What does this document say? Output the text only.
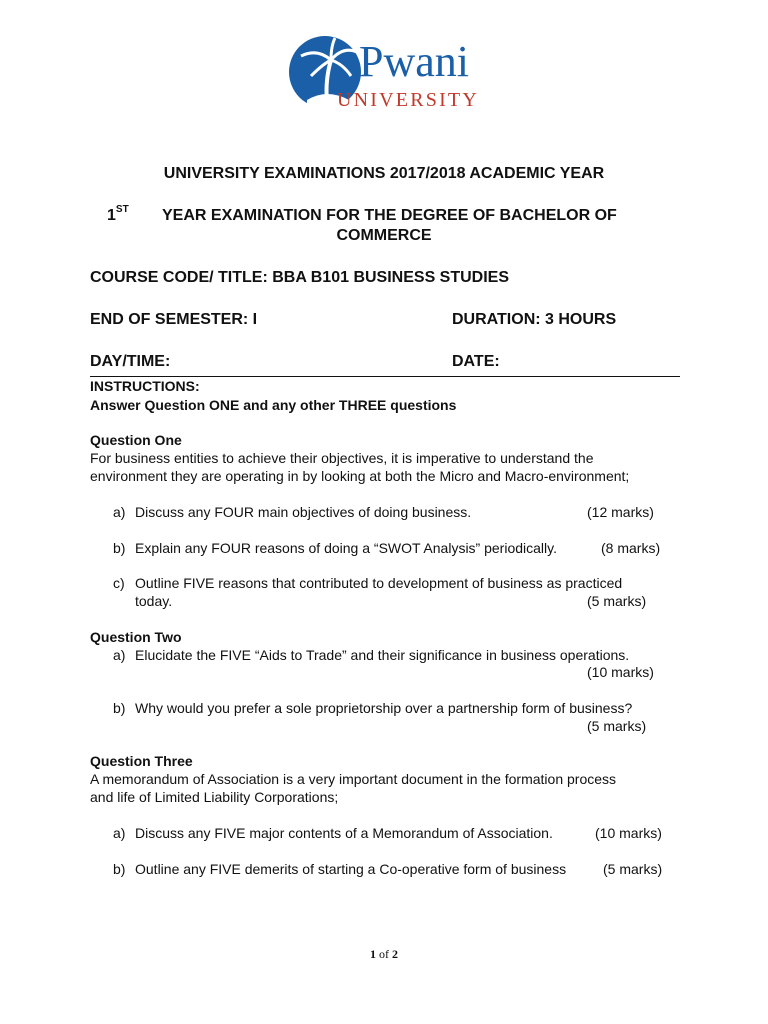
Pwani
UNIVERSITY
UNIVERSITY EXAMINATIONS 2017/2018 ACADEMIC YEAR
1ST YEAR EXAMINATION FOR THE DEGREE OF BACHELOR OF
COMMERCE
COURSE CODE/ TITLE: BBA B101 BUSINESS STUDIES
END OF SEMESTER: I	DURATION: 3 HOURS
DAY/TIME:	DATE:
INSTRUCTIONS:
Answer Question ONE and any other THREE questions
Question One
For business entities to achieve their objectives, it is imperative to understand the
environment they are operating in by looking at both the Micro and Macro-environment;
a) Discuss any FOUR main objectives of doing business.	(12 marks)
b) Explain any FOUR reasons of doing a “SWOT Analysis” periodically.	(8 marks)
c) Outline FIVE reasons that contributed to development of business as practiced
today.	(5 marks)
Question Two
a) Elucidate the FIVE “Aids to Trade” and their significance in business operations.
(10 marks)
b) Why would you prefer a sole proprietorship over a partnership form of business?
(5 marks)
Question Three
A memorandum of Association is a very important document in the formation process
and life of Limited Liability Corporations;
a) Discuss any FIVE major contents of a Memorandum of Association.	(10 marks)
b) Outline any FIVE demerits of starting a Co-operative form of business	(5 marks)
1 of 2
